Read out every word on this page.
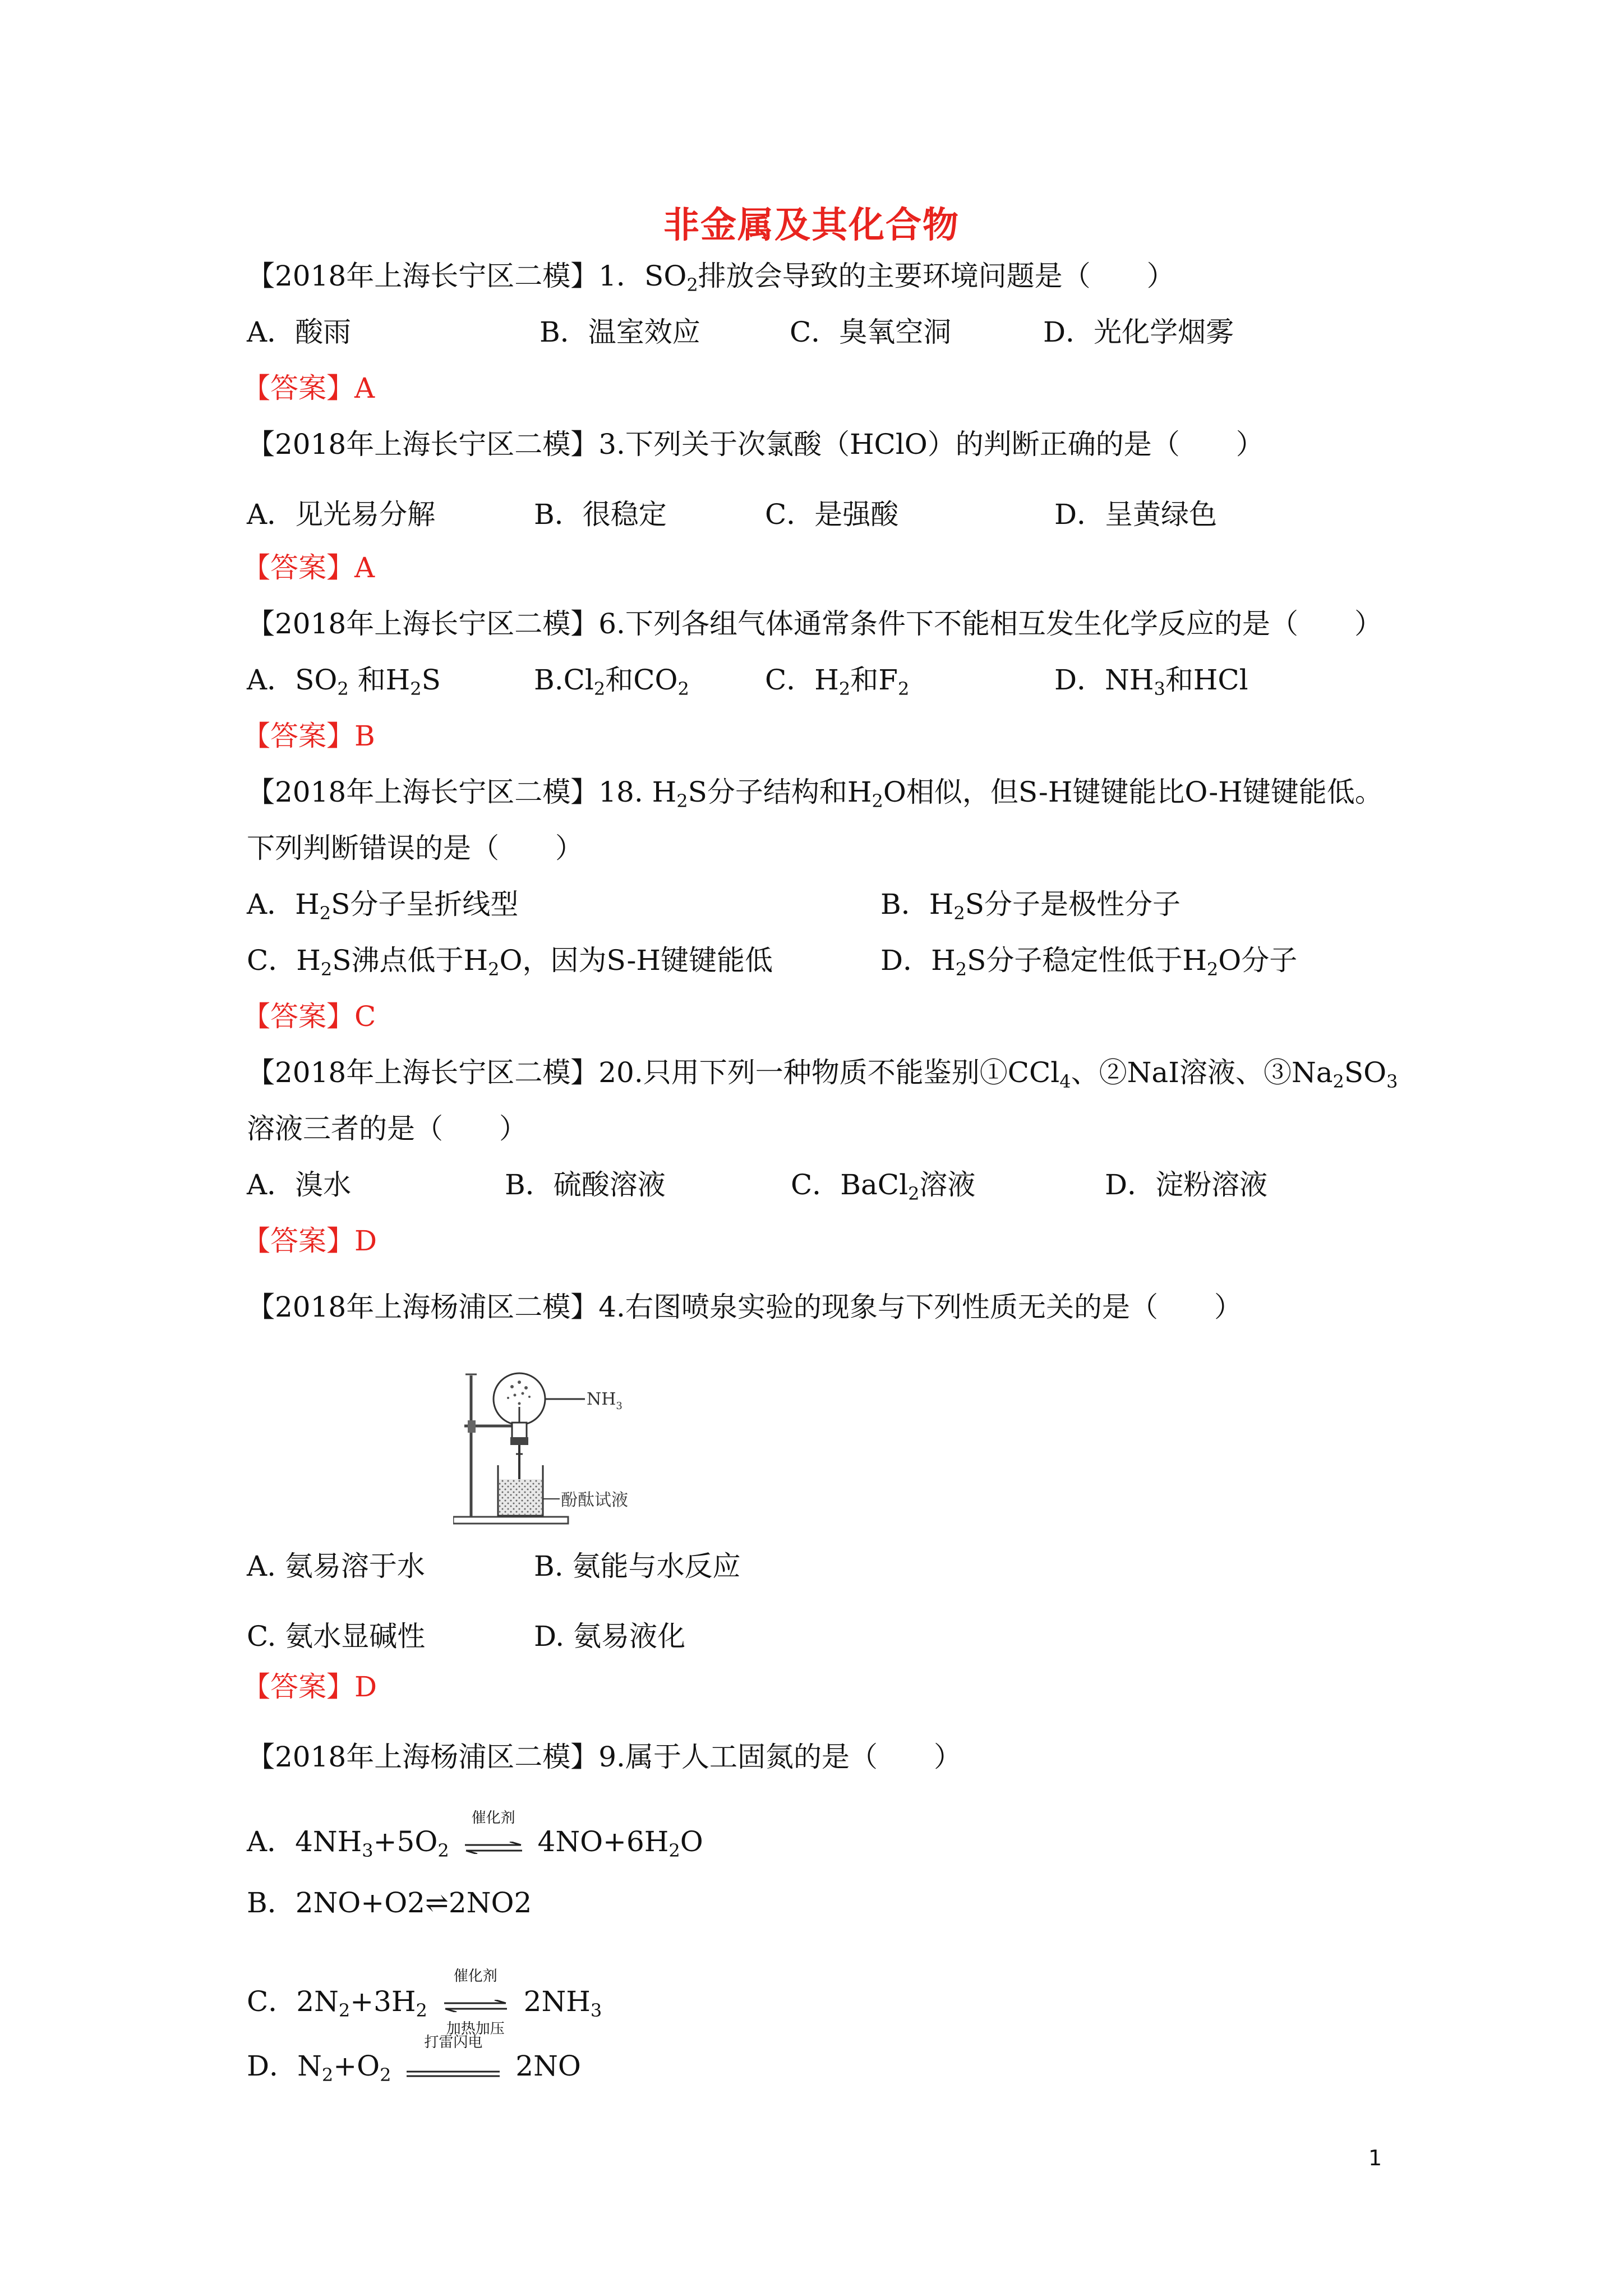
非金属及其化合物
【2018年上海长宁区二模】1．$SO_2$排放会导致的主要环境问题是（　　）
A．酸雨	B．温室效应	C．臭氧空洞	D．光化学烟雾
【答案】A
【2018年上海长宁区二模】3.下列关于次氯酸（HClO）的判断正确的是（　　）
A．见光易分解	B．很稳定	C．是强酸	D．呈黄绿色
【答案】A
【2018年上海长宁区二模】6.下列各组气体通常条件下不能相互发生化学反应的是（　　）
A．$SO_2$ 和$H_2S$	$B.Cl_2$和$CO_2$	C．$H_2$和$F_2$	D．$NH_3$和HCl
【答案】B
【2018年上海长宁区二模】18. $H_2S$分子结构和$H_2O$相似，但S-H键键能比O-H键键能低。
下列判断错误的是（　　）
A．$H_2S$分子呈折线型	B．$H_2S$分子是极性分子
C．$H_2S$沸点低于$H_2O$，因为S-H键键能低	D．$H_2S$分子稳定性低于$H_2O$分子
【答案】C
【2018年上海长宁区二模】20.只用下列一种物质不能鉴别①CCl$_4$、②NaI溶液、$③Na_2SO_3$
溶液三者的是（　　）
A．溴水	B．硫酸溶液	C．BaCl$_2$溶液	D．淀粉溶液
【答案】D
【2018年上海杨浦区二模】4.右图喷泉实验的现象与下列性质无关的是（　　）
$NH_3$
酚酞试液
A. 氨易溶于水	B. 氨能与水反应
C. 氨水显碱性	D. 氨易液化
【答案】D
【2018年上海杨浦区二模】9.属于人工固氮的是（　　）
A．$4NH_3+5O_2$
催化剂
$4NO+6H_2O$
B．2NO+O2⇌2NO2
C．$2N_2+3H_2$
催化剂
加热加压
$2NH_3$
D．$N_2+O_2$
打雷闪电
2NO
1
